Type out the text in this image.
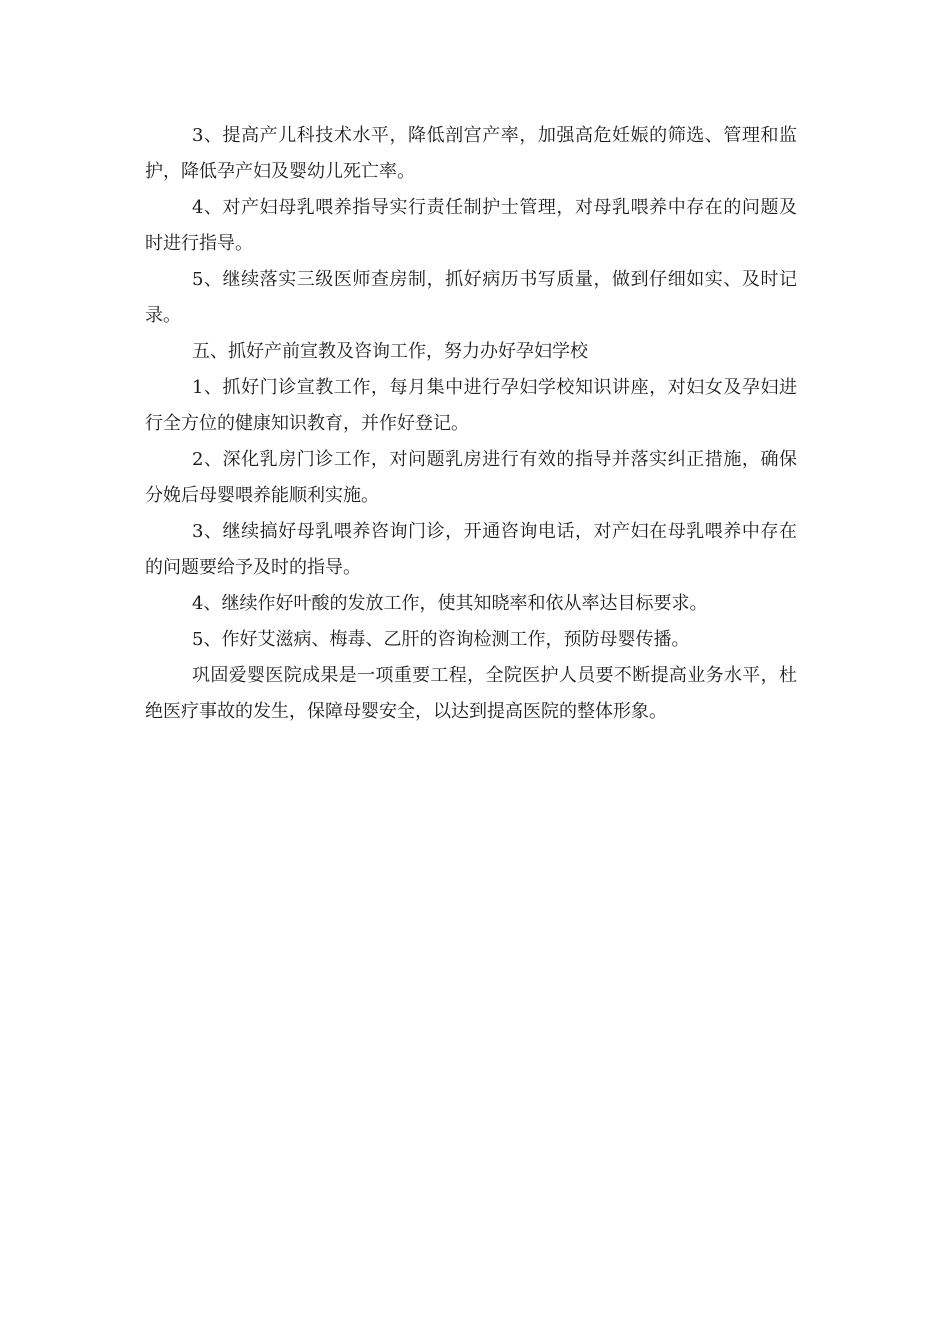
3、提高产儿科技术水平，降低剖宫产率，加强高危妊娠的筛选、管理和监护，降低孕产妇及婴幼儿死亡率。

4、对产妇母乳喂养指导实行责任制护士管理，对母乳喂养中存在的问题及时进行指导。

5、继续落实三级医师查房制，抓好病历书写质量，做到仔细如实、及时记录。

五、抓好产前宣教及咨询工作，努力办好孕妇学校

1、抓好门诊宣教工作，每月集中进行孕妇学校知识讲座，对妇女及孕妇进行全方位的健康知识教育，并作好登记。

2、深化乳房门诊工作，对问题乳房进行有效的指导并落实纠正措施，确保分娩后母婴喂养能顺利实施。

3、继续搞好母乳喂养咨询门诊，开通咨询电话，对产妇在母乳喂养中存在的问题要给予及时的指导。

4、继续作好叶酸的发放工作，使其知晓率和依从率达目标要求。

5、作好艾滋病、梅毒、乙肝的咨询检测工作，预防母婴传播。

巩固爱婴医院成果是一项重要工程，全院医护人员要不断提高业务水平，杜绝医疗事故的发生，保障母婴安全，以达到提高医院的整体形象。
